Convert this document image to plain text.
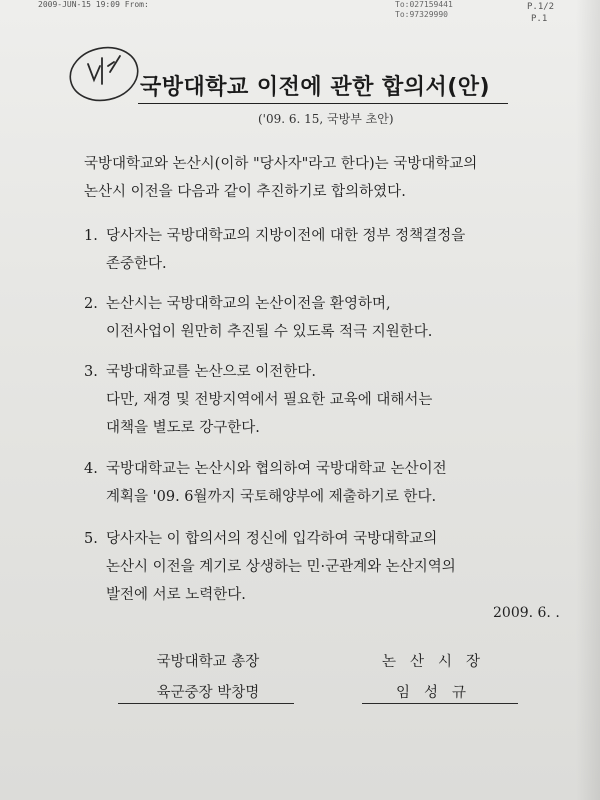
2009-JUN-15 19:09 From:	To:027159441
To:97329990
P.1/2
P.1
국방대학교 이전에 관한 합의서(안)
('09. 6. 15, 국방부 초안)
국방대학교와 논산시(이하 "당사자"라고 한다)는 국방대학교의
논산시 이전을 다음과 같이 추진하기로 합의하였다.
1. 당사자는 국방대학교의 지방이전에 대한 정부 정책결정을
존중한다.
2. 논산시는 국방대학교의 논산이전을 환영하며,
이전사업이 원만히 추진될 수 있도록 적극 지원한다.
3. 국방대학교를 논산으로 이전한다.
다만, 재경 및 전방지역에서 필요한 교육에 대해서는
대책을 별도로 강구한다.
4. 국방대학교는 논산시와 협의하여 국방대학교 논산이전
계획을 '09. 6월까지 국토해양부에 제출하기로 한다.
5. 당사자는 이 합의서의 정신에 입각하여 국방대학교의
논산시 이전을 계기로 상생하는 민·군관계와 논산지역의
발전에 서로 노력한다.
2009. 6. .
국방대학교 총장
육군중장 박창명
논산시장
임성규
